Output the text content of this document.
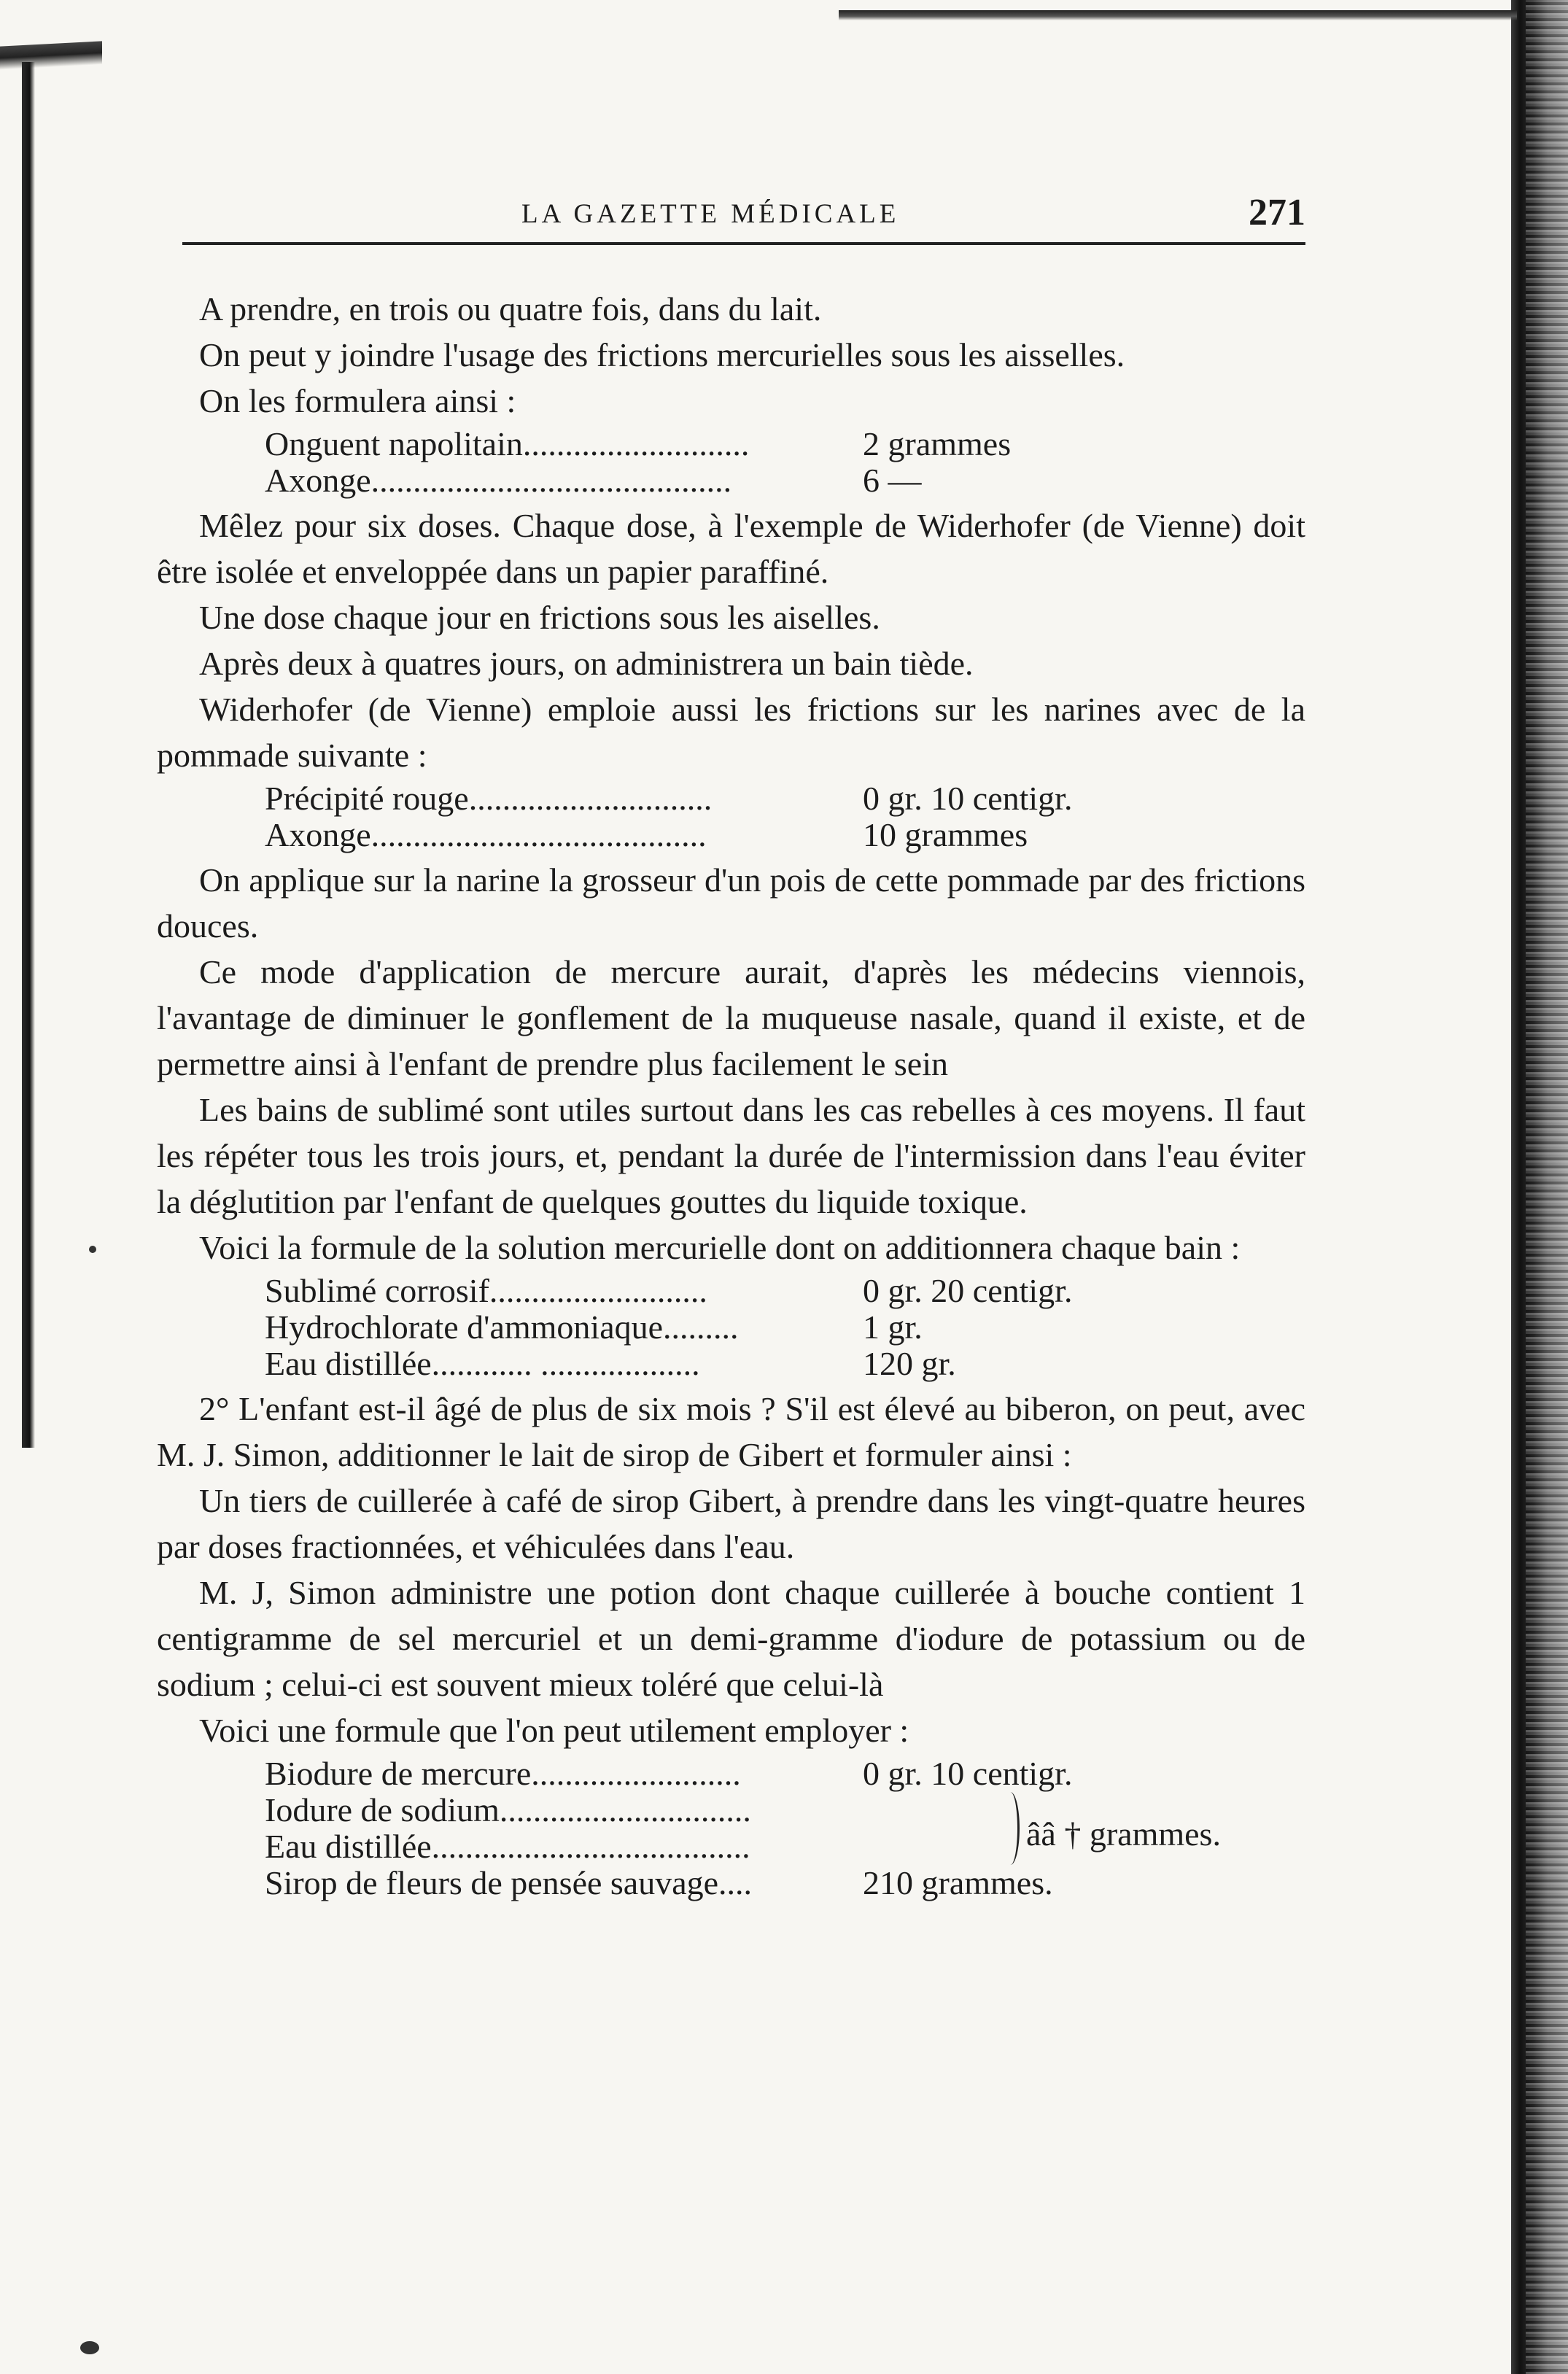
LA GAZETTE MÉDICALE	271

A prendre, en trois ou quatre fois, dans du lait.

On peut y joindre l'usage des frictions mercurielles sous les aisselles.

On les formulera ainsi :

Onguent napolitain...........................	2 grammes
Axonge...........................................	6 —

Mêlez pour six doses. Chaque dose, à l'exemple de Widerhofer (de Vienne) doit être isolée et enveloppée dans un papier paraffiné.

Une dose chaque jour en frictions sous les aiselles.

Après deux à quatres jours, on administrera un bain tiède.

Widerhofer (de Vienne) emploie aussi les frictions sur les narines avec de la pommade suivante :

Précipité rouge.............................	0 gr. 10 centigr.
Axonge........................................	10 grammes

On applique sur la narine la grosseur d'un pois de cette pommade par des frictions douces.

Ce mode d'application de mercure aurait, d'après les médecins viennois, l'avantage de diminuer le gonflement de la muqueuse nasale, quand il existe, et de permettre ainsi à l'enfant de prendre plus facilement le sein

Les bains de sublimé sont utiles surtout dans les cas rebelles à ces moyens. Il faut les répéter tous les trois jours, et, pendant la durée de l'intermission dans l'eau éviter la déglutition par l'enfant de quelques gouttes du liquide toxique.

Voici la formule de la solution mercurielle dont on additionnera chaque bain :

Sublimé corrosif..........................	0 gr. 20 centigr.
Hydrochlorate d'ammoniaque.........	1 gr.
Eau distillée............ ...................	120 gr.

2° L'enfant est-il âgé de plus de six mois ? S'il est élevé au biberon, on peut, avec M. J. Simon, additionner le lait de sirop de Gibert et formuler ainsi :

Un tiers de cuillerée à café de sirop Gibert, à prendre dans les vingt-quatre heures par doses fractionnées, et véhiculées dans l'eau.

M. J, Simon administre une potion dont chaque cuillerée à bouche contient 1 centigramme de sel mercuriel et un demi-gramme d'iodure de potassium ou de sodium ; celui-ci est souvent mieux toléré que celui-là

Voici une formule que l'on peut utilement employer :

Biodure de mercure.........................	0 gr. 10 centigr.
Iodure de sodium..............................
Eau distillée......................................	ââ † grammes.
Sirop de fleurs de pensée sauvage....	210 grammes.
